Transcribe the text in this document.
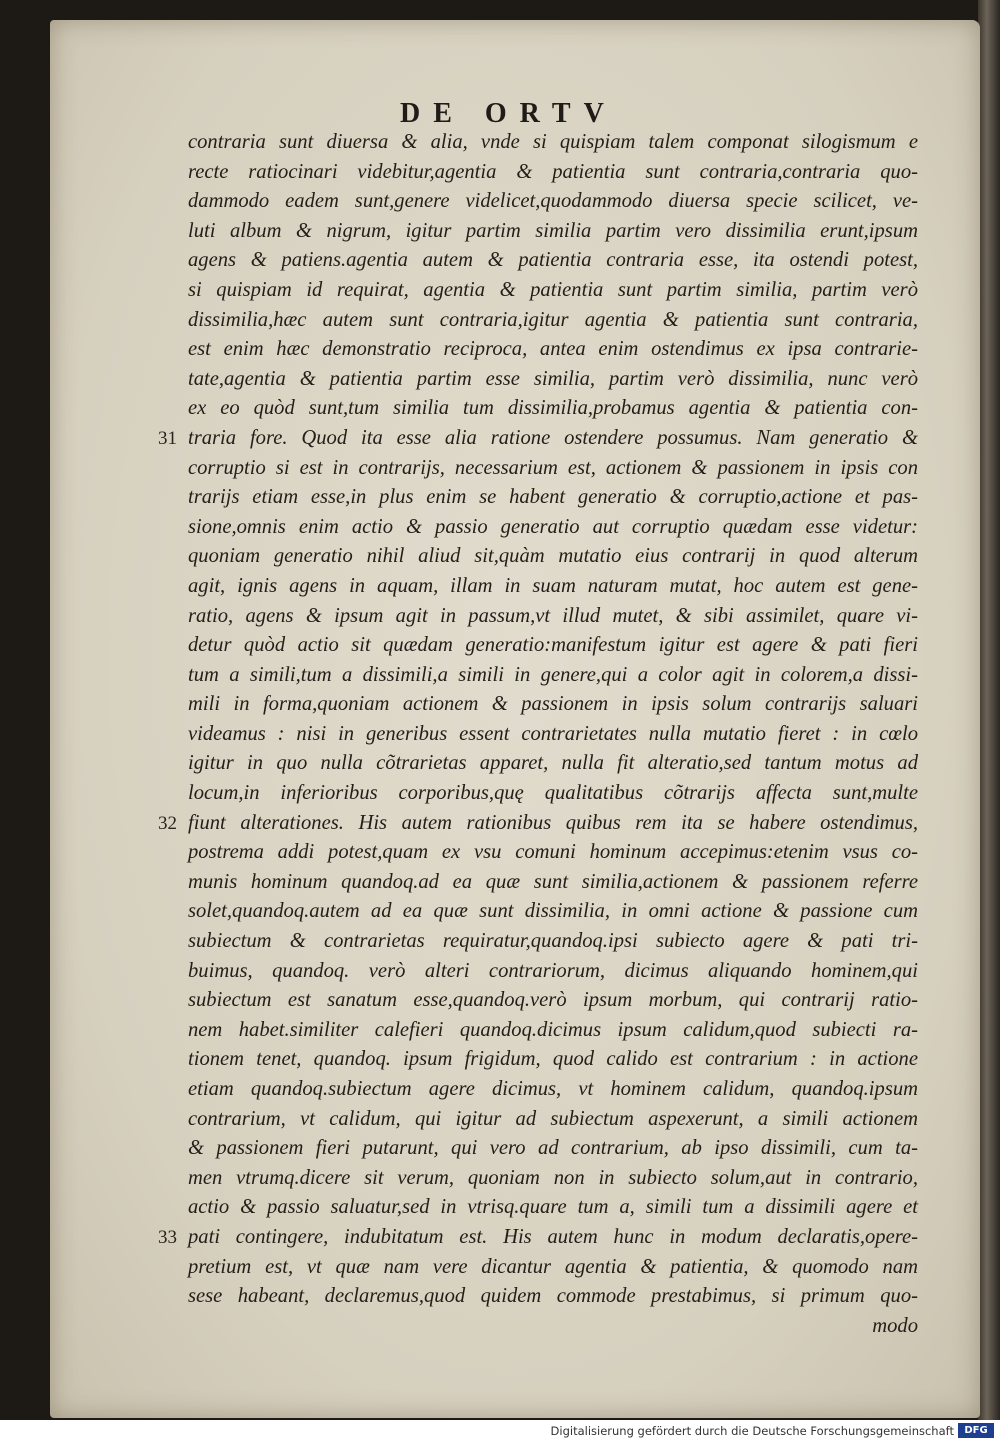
DE ORTV
contraria sunt diuersa & alia, vnde si quispiam talem componat silogismum e
recte ratiocinari videbitur,agentia & patientia sunt contraria,contraria quo-
dammodo eadem sunt,genere videlicet,quodammodo diuersa specie scilicet, ve-
luti album & nigrum, igitur partim similia partim vero dissimilia erunt,ipsum
agens & patiens.agentia autem & patientia contraria esse, ita ostendi potest,
si quispiam id requirat, agentia & patientia sunt partim similia, partim verò
dissimilia,hæc autem sunt contraria,igitur agentia & patientia sunt contraria,
est enim hæc demonstratio reciproca, antea enim ostendimus ex ipsa contrarie-
tate,agentia & patientia partim esse similia, partim verò dissimilia, nunc verò
ex eo quòd sunt,tum similia tum dissimilia,probamus agentia & patientia con-
31 traria fore. Quod ita esse alia ratione ostendere possumus. Nam generatio &
corruptio si est in contrarijs, necessarium est, actionem & passionem in ipsis con
trarijs etiam esse,in plus enim se habent generatio & corruptio,actione et pas-
sione,omnis enim actio & passio generatio aut corruptio quædam esse videtur:
quoniam generatio nihil aliud sit,quàm mutatio eius contrarij in quod alterum
agit, ignis agens in aquam, illam in suam naturam mutat, hoc autem est gene-
ratio, agens & ipsum agit in passum,vt illud mutet, & sibi assimilet, quare vi-
detur quòd actio sit quædam generatio:manifestum igitur est agere & pati fieri
tum a simili,tum a dissimili,a simili in genere,qui a color agit in colorem,a dissi-
mili in forma,quoniam actionem & passionem in ipsis solum contrarijs saluari
videamus : nisi in generibus essent contrarietates nulla mutatio fieret : in cœlo
igitur in quo nulla cõtrarietas apparet, nulla fit alteratio,sed tantum motus ad
locum,in inferioribus corporibus,quę qualitatibus cõtrarijs affecta sunt,multe
32 fiunt alterationes. His autem rationibus quibus rem ita se habere ostendimus,
postrema addi potest,quam ex vsu comuni hominum accepimus:etenim vsus co-
munis hominum quandoq.ad ea quæ sunt similia,actionem & passionem referre
solet,quandoq.autem ad ea quæ sunt dissimilia, in omni actione & passione cum
subiectum & contrarietas requiratur,quandoq.ipsi subiecto agere & pati tri-
buimus, quandoq. verò alteri contrariorum, dicimus aliquando hominem,qui
subiectum est sanatum esse,quandoq.verò ipsum morbum, qui contrarij ratio-
nem habet.similiter calefieri quandoq.dicimus ipsum calidum,quod subiecti ra-
tionem tenet, quandoq. ipsum frigidum, quod calido est contrarium : in actione
etiam quandoq.subiectum agere dicimus, vt hominem calidum, quandoq.ipsum
contrarium, vt calidum, qui igitur ad subiectum aspexerunt, a simili actionem
& passionem fieri putarunt, qui vero ad contrarium, ab ipso dissimili, cum ta-
men vtrumq.dicere sit verum, quoniam non in subiecto solum,aut in contrario,
actio & passio saluatur,sed in vtrisq.quare tum a, simili tum a dissimili agere et
33 pati contingere, indubitatum est. His autem hunc in modum declaratis,opere-
pretium est, vt quæ nam vere dicantur agentia & patientia, & quomodo nam
sese habeant, declaremus,quod quidem commode prestabimus, si primum quo-
modo
Digitalisierung gefördert durch die Deutsche Forschungsgemeinschaft	DFG
